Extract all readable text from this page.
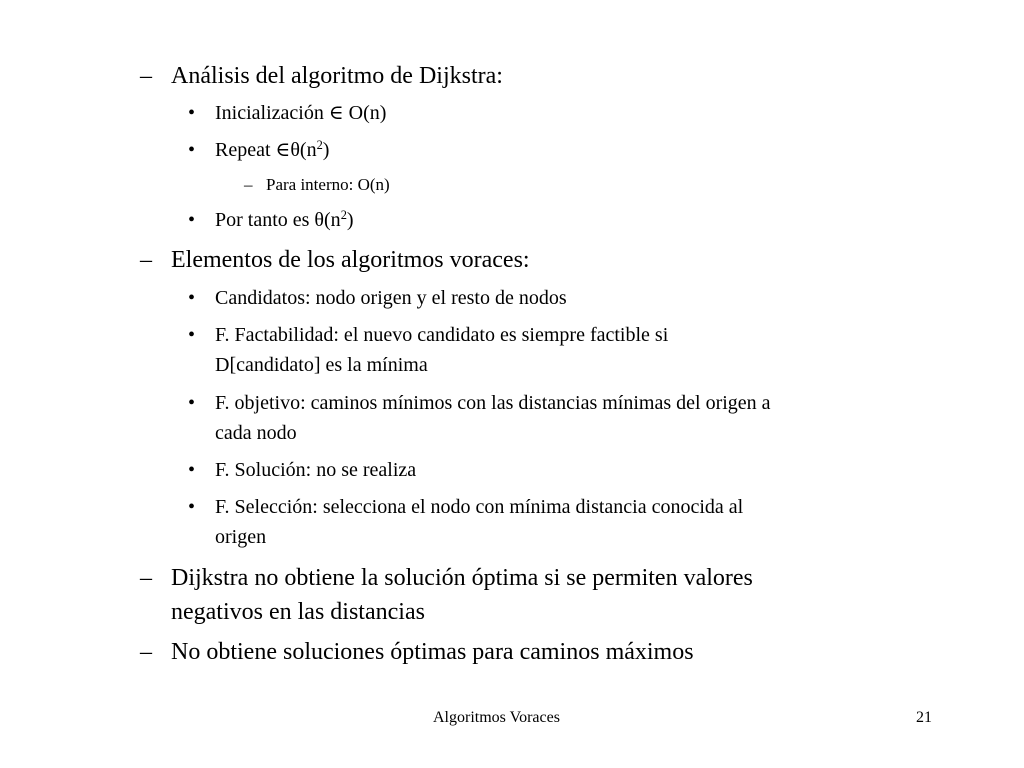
– Análisis del algoritmo de Dijkstra:
• Inicialización ∈ O(n)
• Repeat $\in\theta(n^2)$
– Para interno: O(n)
• Por tanto es $\theta(n^2)$
– Elementos de los algoritmos voraces:
• Candidatos: nodo origen y el resto de nodos
• F. Factabilidad: el nuevo candidato es siempre factible si
D[candidato] es la mínima
• F. objetivo: caminos mínimos con las distancias mínimas del origen a
cada nodo
• F. Solución: no se realiza
• F. Selección: selecciona el nodo con mínima distancia conocida al
origen
– Dijkstra no obtiene la solución óptima si se permiten valores
negativos en las distancias
– No obtiene soluciones óptimas para caminos máximos
Algoritmos Voraces	21
